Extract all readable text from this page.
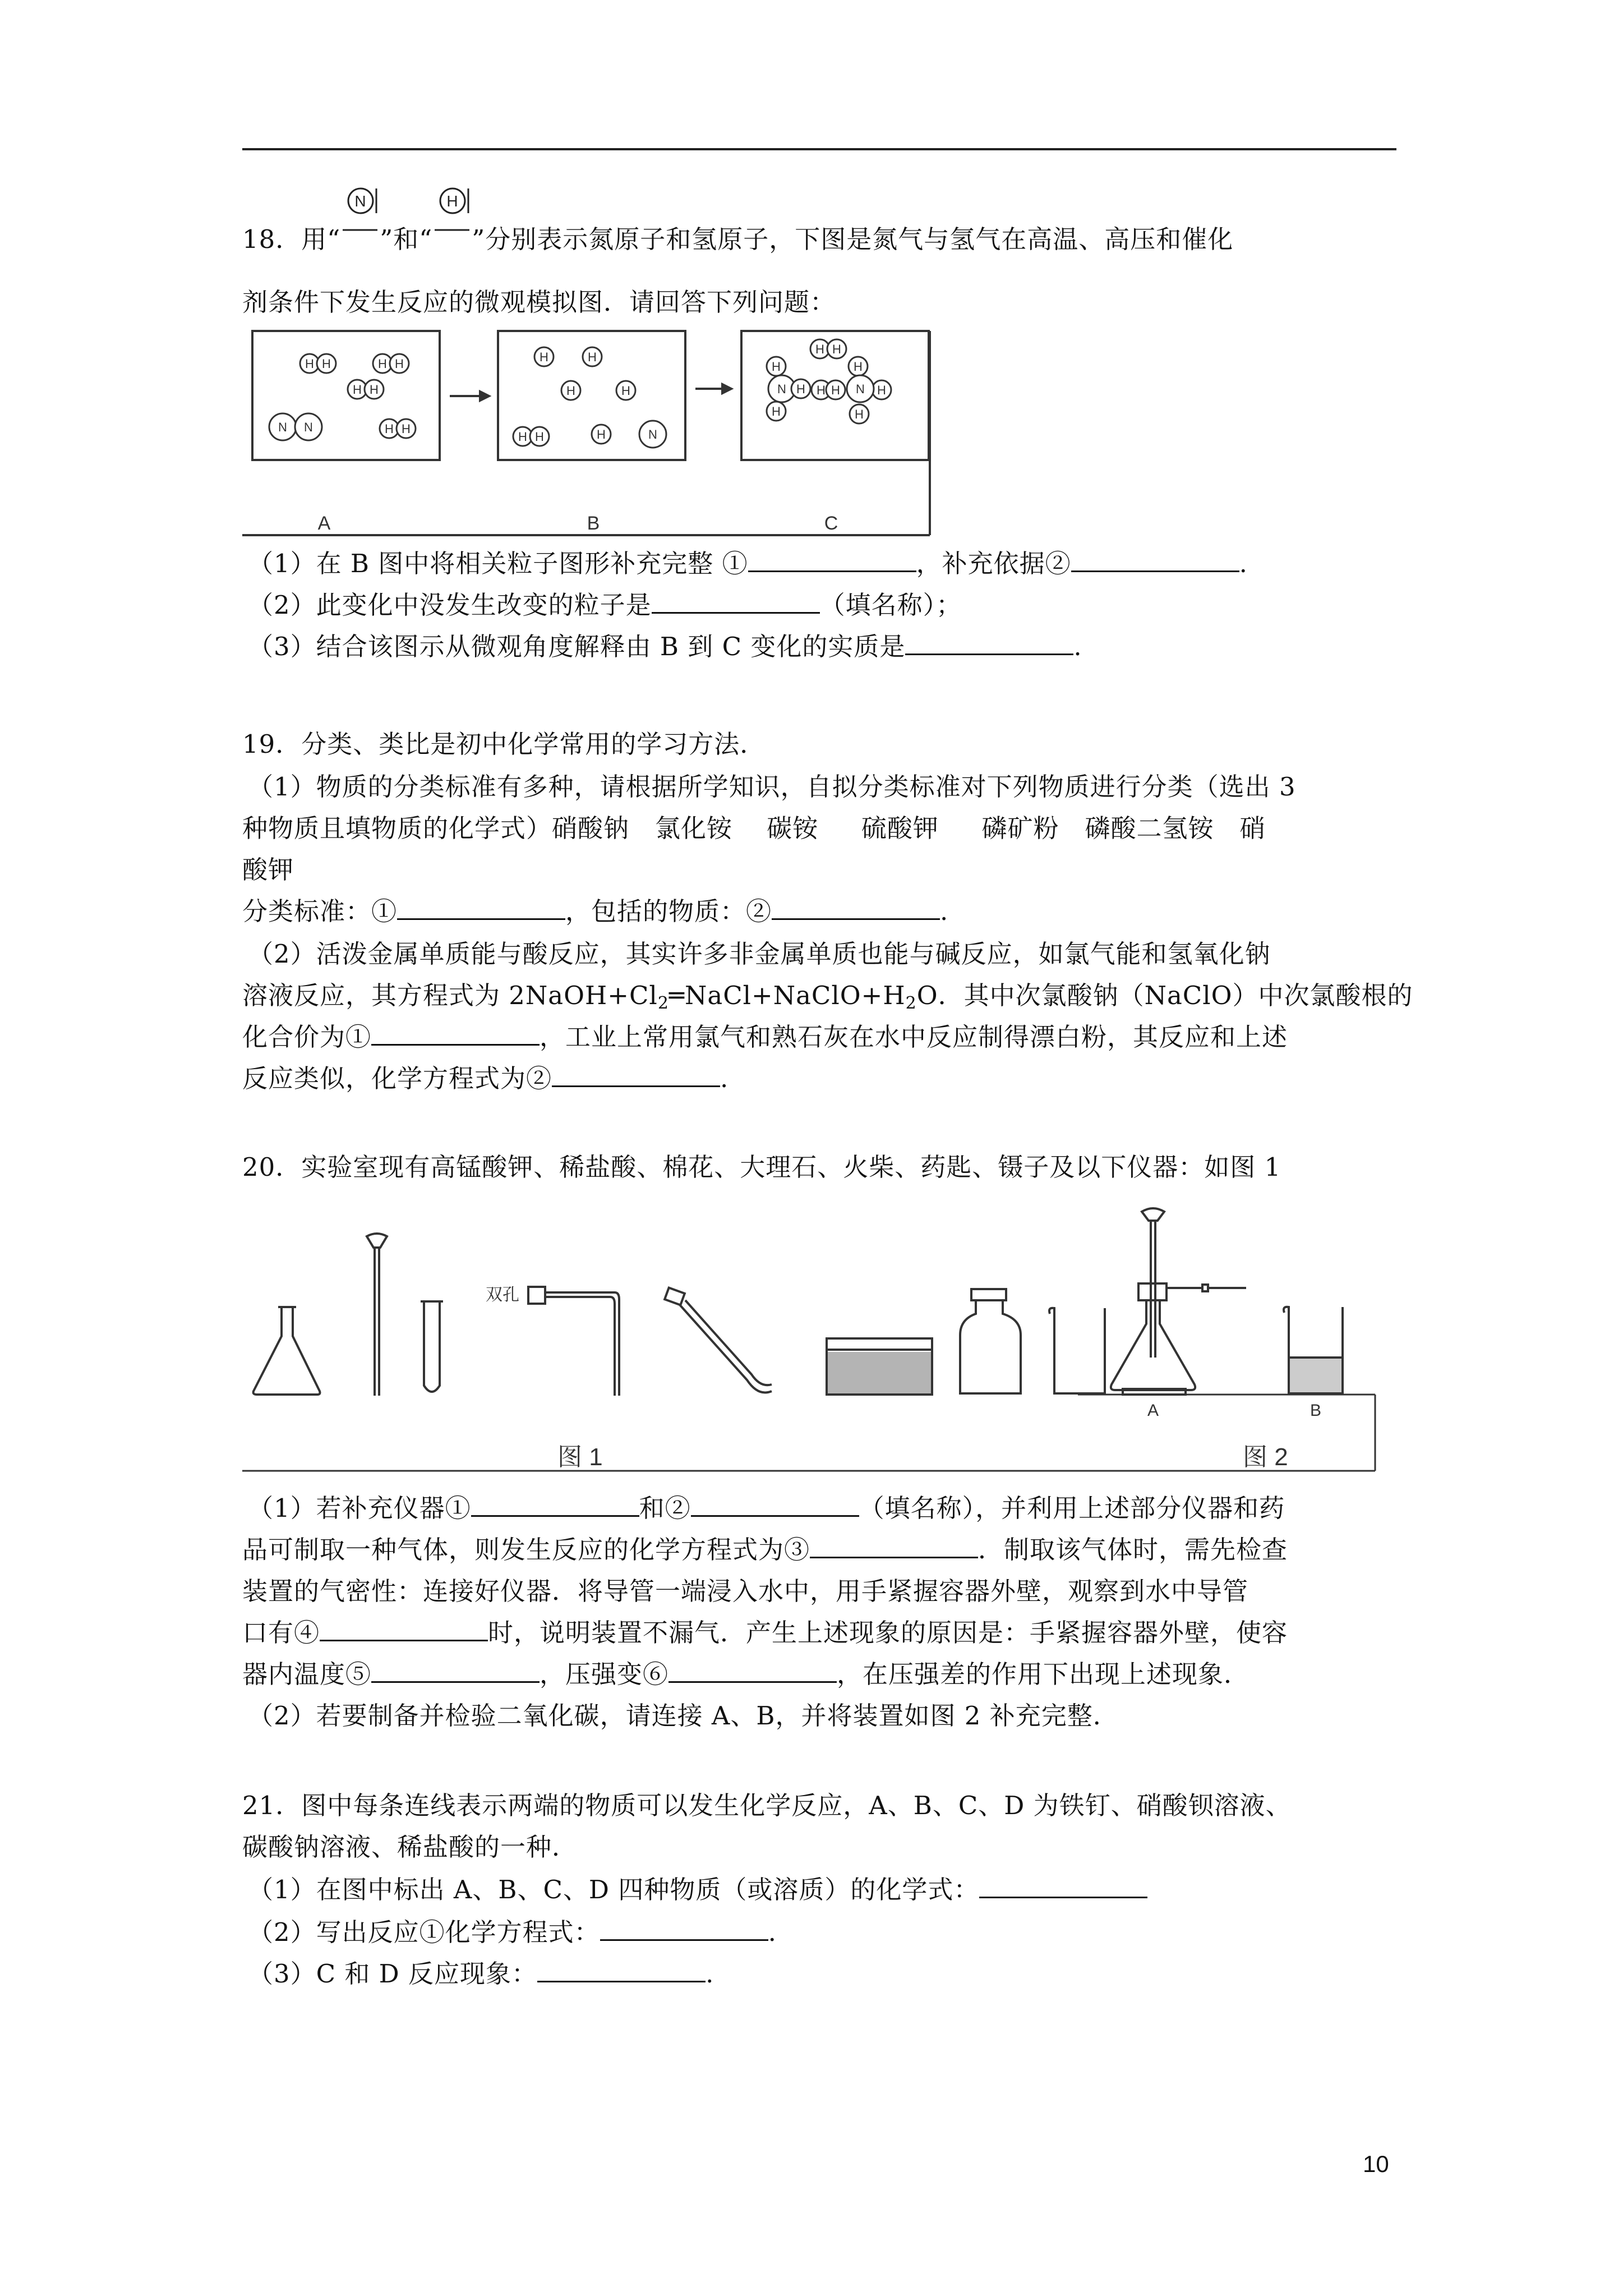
18．用“
N
”和“
H
”分别表示氮原子和氢原子，下图是氮气与氢气在高温、高压和催化
剂条件下发生反应的微观模拟图．请回答下列问题：
H H	H H
H H
H H
N N
H	H
H	H
H H	H	N
H H
H
H
N H H H
H
H
H
N
A	B	C
（1）在 B 图中将相关粒子图形补充完整 ①	，补充依据②	.
（2）此变化中没发生改变的粒子是	（填名称）；
（3）结合该图示从微观角度解释由 B 到 C 变化的实质是	.
19．分类、类比是初中化学常用的学习方法．
（1）物质的分类标准有多种，请根据所学知识，自拟分类标准对下列物质进行分类（选出 3
种物质且填物质的化学式）硝酸钠　氯化铵　 碳铵 　 硫酸钾 　 磷矿粉　磷酸二氢铵　硝
酸钾
分类标准：①	，包括的物质：②	.
（2）活泼金属单质能与酸反应，其实许多非金属单质也能与碱反应，如氯气能和氢氧化钠
溶液反应，其方程式为 $2NaOH+Cl_2═NaCl+NaClO+H_2O$．其中次氯酸钠（NaClO）中次氯酸根的
化合价为①	，工业上常用氯气和熟石灰在水中反应制得漂白粉，其反应和上述
反应类似，化学方程式为②	.
20．实验室现有高锰酸钾、稀盐酸、棉花、大理石、火柴、药匙、镊子及以下仪器：如图 1
双孔
A	B
图 1	图 2
（1）若补充仪器①	和②	（填名称），并利用上述部分仪器和药
品可制取一种气体，则发生反应的化学方程式为③	．制取该气体时，需先检查
装置的气密性：连接好仪器．将导管一端浸入水中，用手紧握容器外壁，观察到水中导管
口有④	时，说明装置不漏气．产生上述现象的原因是：手紧握容器外壁，使容
器内温度⑤	，压强变⑥	，在压强差的作用下出现上述现象．
（2）若要制备并检验二氧化碳，请连接 A、B，并将装置如图 2 补充完整．
21．图中每条连线表示两端的物质可以发生化学反应，A、B、C、D 为铁钉、硝酸钡溶液、
碳酸钠溶液、稀盐酸的一种．
（1）在图中标出 A、B、C、D 四种物质（或溶质）的化学式：
（2）写出反应①化学方程式：	.
（3）C 和 D 反应现象：	.
10
